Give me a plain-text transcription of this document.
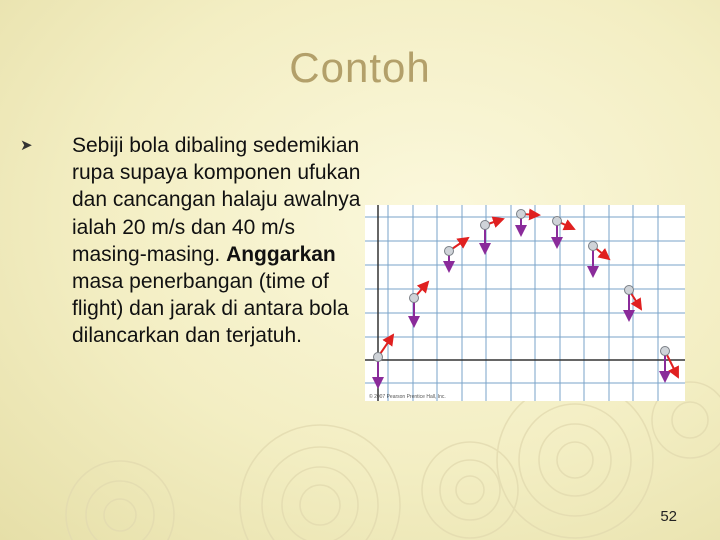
Contoh
➤ Sebiji bola dibaling sedemikian rupa supaya komponen ufukan dan cancangan halaju awalnya ialah 20 m/s dan 40 m/s masing-masing. Anggarkan masa penerbangan (time of flight) dan jarak di antara bola dilancarkan dan terjatuh.
© 2007 Pearson Prentice Hall, Inc.
52
